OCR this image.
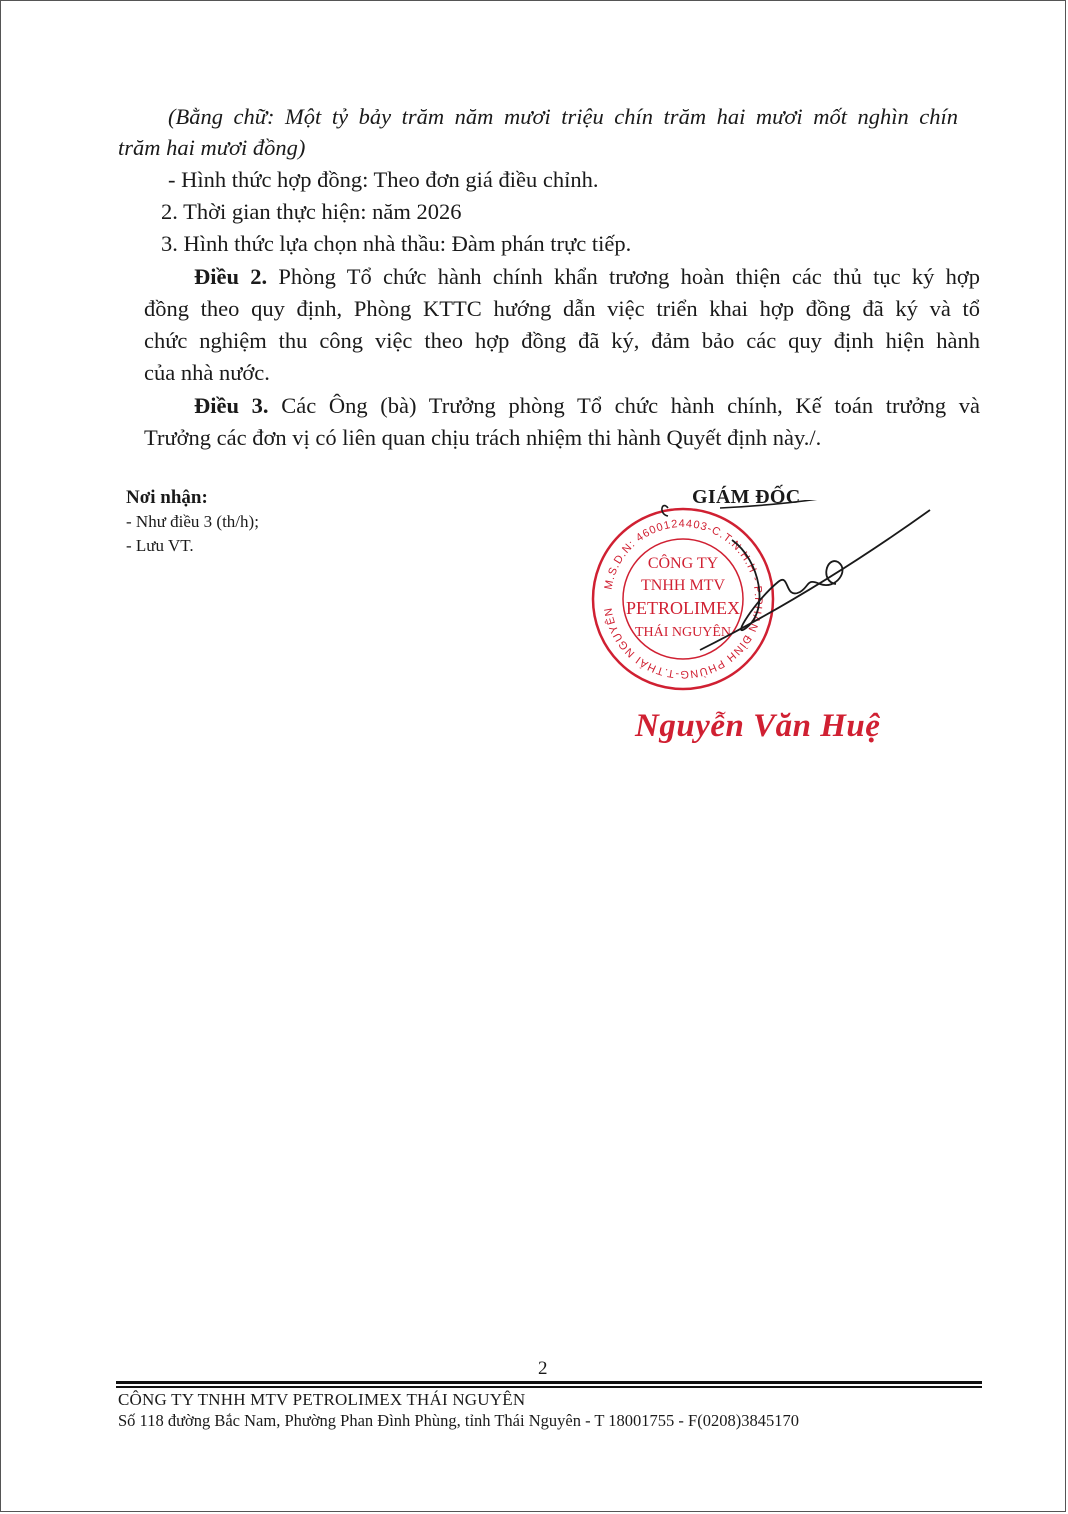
(Bằng chữ: Một tỷ bảy trăm năm mươi triệu chín trăm hai mươi mốt nghìn chín
trăm hai mươi đồng)
- Hình thức hợp đồng: Theo đơn giá điều chỉnh.
2. Thời gian thực hiện: năm 2026
3. Hình thức lựa chọn nhà thầu: Đàm phán trực tiếp.
Điều 2. Phòng Tổ chức hành chính khẩn trương hoàn thiện các thủ tục ký hợp
đồng theo quy định, Phòng KTTC hướng dẫn việc triển khai hợp đồng đã ký và tổ
chức nghiệm thu công việc theo hợp đồng đã ký, đảm bảo các quy định hiện hành
của nhà nước.
Điều 3. Các Ông (bà) Trưởng phòng Tổ chức hành chính, Kế toán trưởng và
Trưởng các đơn vị có liên quan chịu trách nhiệm thi hành Quyết định này./.
Nơi nhận:
- Như điều 3 (th/h);
- Lưu VT.
GIÁM ĐỐC
M.S.D.N: 4600124403-C.T.N.H.H - P.PHAN ĐÌNH PHÙNG-T.THÁI NGUYÊN
CÔNG TY
TNHH MTV
PETROLIMEX
THÁI NGUYÊN
Nguyễn Văn Huệ
2
CÔNG TY TNHH MTV PETROLIMEX THÁI NGUYÊN
Số 118 đường Bắc Nam, Phường Phan Đình Phùng, tỉnh Thái Nguyên - T 18001755 - F(0208)3845170
